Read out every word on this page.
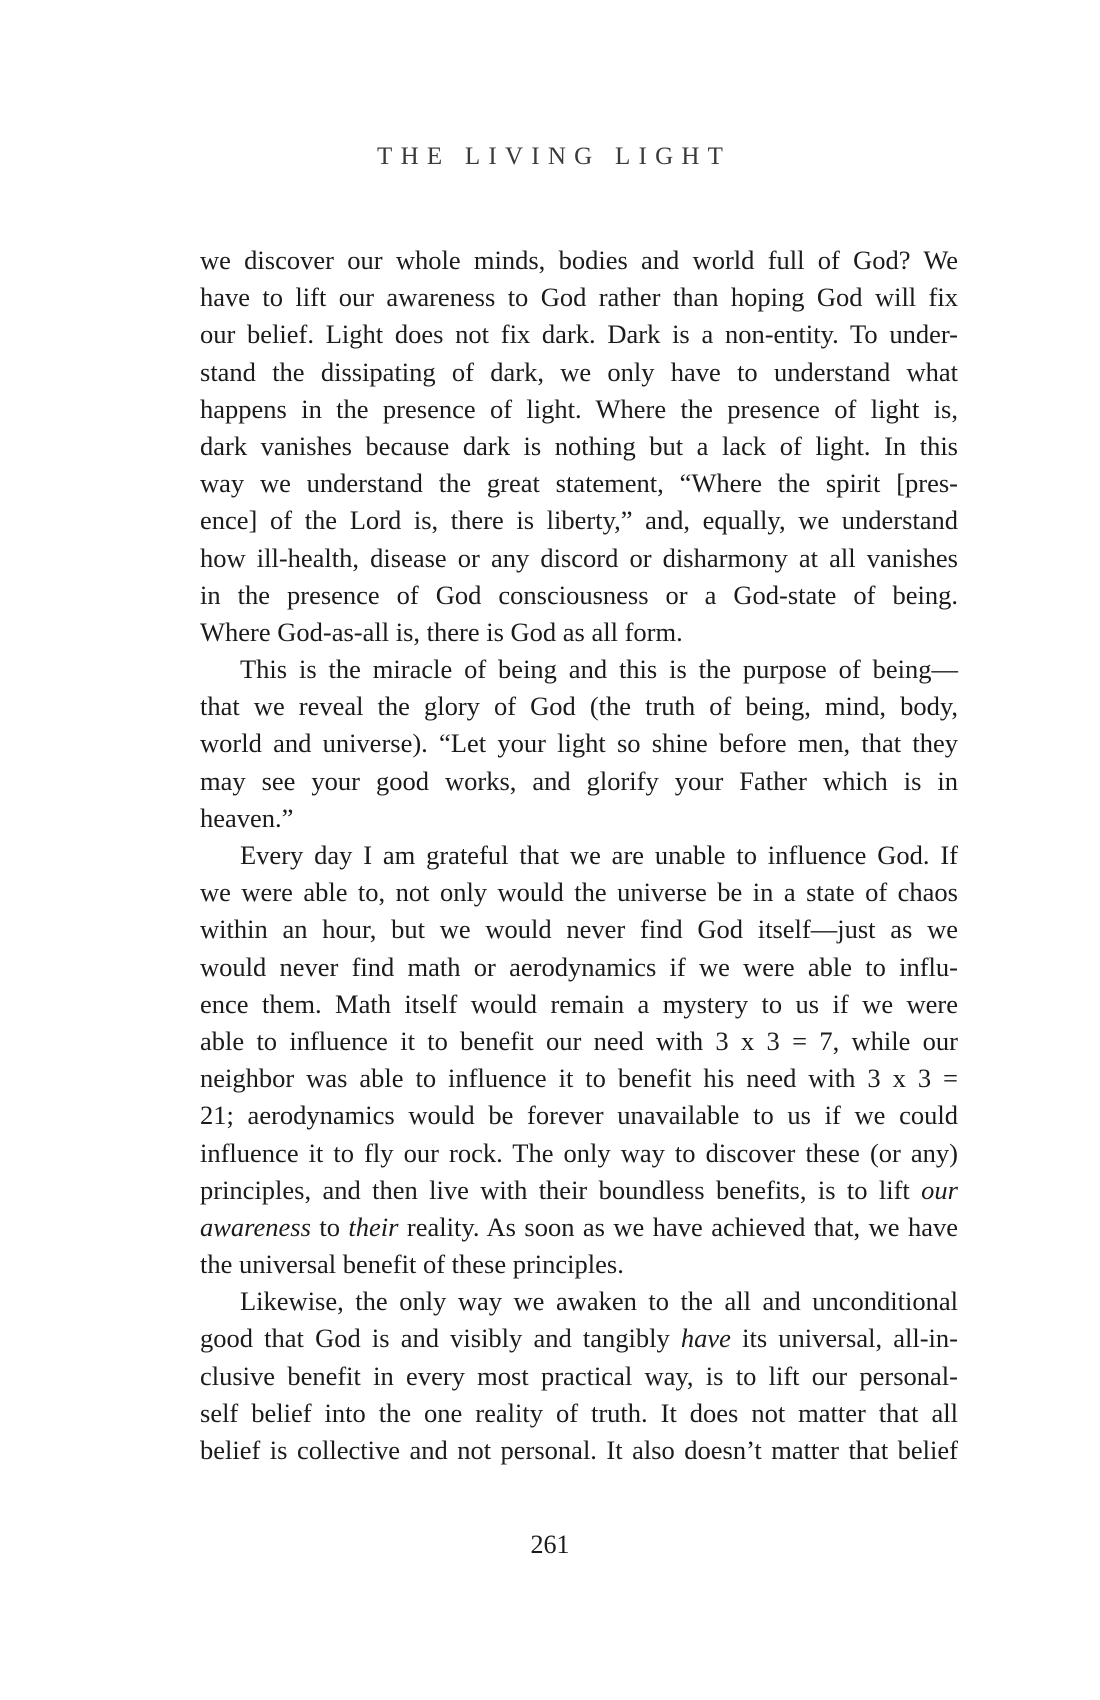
THE LIVING LIGHT
we discover our whole minds, bodies and world full of God? We
have to lift our awareness to God rather than hoping God will fix
our belief. Light does not fix dark. Dark is a non-entity. To under-
stand the dissipating of dark, we only have to understand what
happens in the presence of light. Where the presence of light is,
dark vanishes because dark is nothing but a lack of light. In this
way we understand the great statement, “Where the spirit [pres-
ence] of the Lord is, there is liberty,” and, equally, we understand
how ill-health, disease or any discord or disharmony at all vanishes
in the presence of God consciousness or a God-state of being.
Where God-as-all is, there is God as all form.
This is the miracle of being and this is the purpose of being—
that we reveal the glory of God (the truth of being, mind, body,
world and universe). “Let your light so shine before men, that they
may see your good works, and glorify your Father which is in
heaven.”
Every day I am grateful that we are unable to influence God. If
we were able to, not only would the universe be in a state of chaos
within an hour, but we would never find God itself—just as we
would never find math or aerodynamics if we were able to influ-
ence them. Math itself would remain a mystery to us if we were
able to influence it to benefit our need with 3 x 3 = 7, while our
neighbor was able to influence it to benefit his need with 3 x 3 =
21; aerodynamics would be forever unavailable to us if we could
influence it to fly our rock. The only way to discover these (or any)
principles, and then live with their boundless benefits, is to lift our
awareness to their reality. As soon as we have achieved that, we have
the universal benefit of these principles.
Likewise, the only way we awaken to the all and unconditional
good that God is and visibly and tangibly have its universal, all-in-
clusive benefit in every most practical way, is to lift our personal-
self belief into the one reality of truth. It does not matter that all
belief is collective and not personal. It also doesn’t matter that belief
261
